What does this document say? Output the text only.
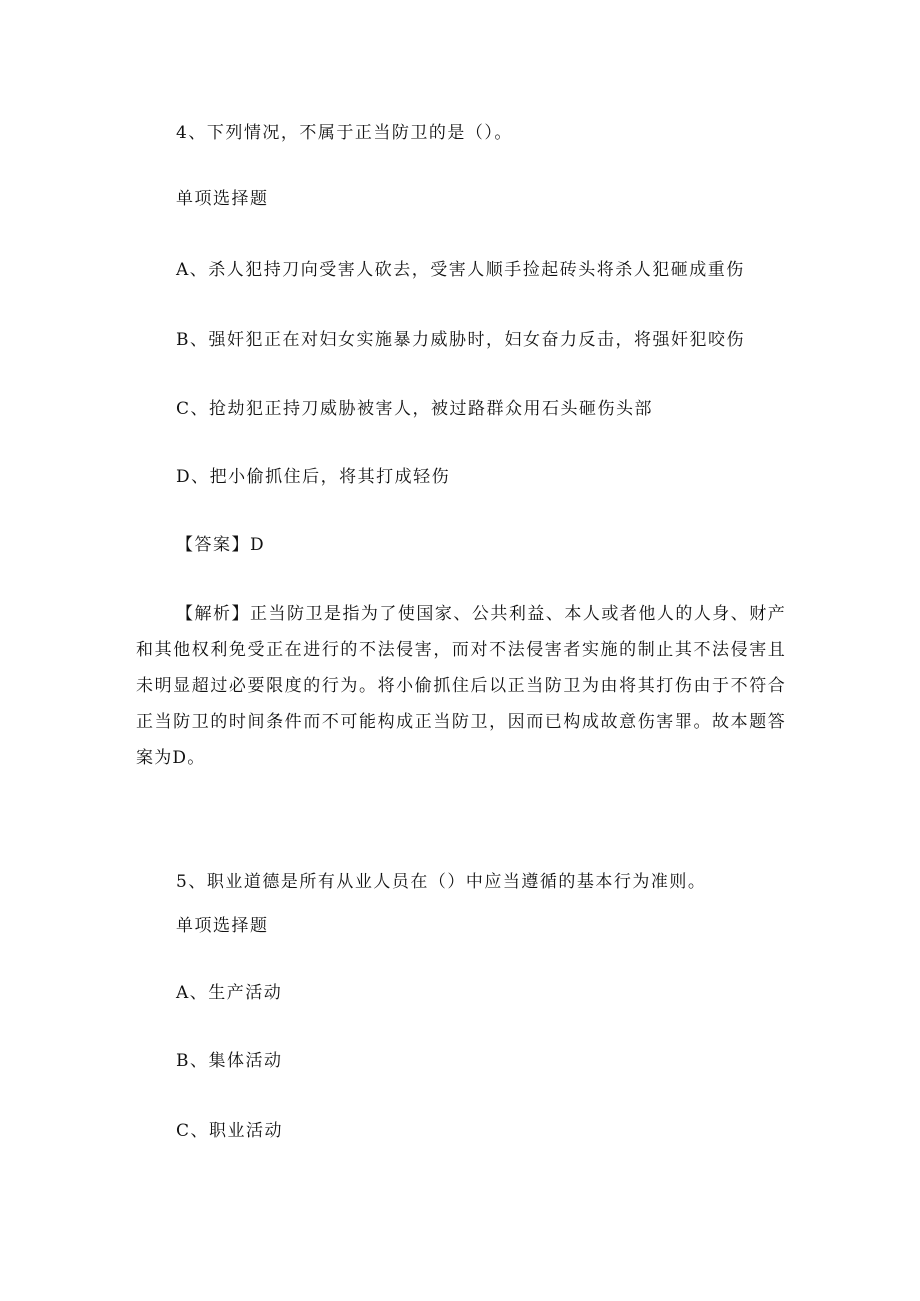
4、下列情况，不属于正当防卫的是（）。
单项选择题
A、杀人犯持刀向受害人砍去，受害人顺手捡起砖头将杀人犯砸成重伤
B、强奸犯正在对妇女实施暴力威胁时，妇女奋力反击，将强奸犯咬伤
C、抢劫犯正持刀威胁被害人，被过路群众用石头砸伤头部
D、把小偷抓住后，将其打成轻伤
【答案】D
【解析】正当防卫是指为了使国家、公共利益、本人或者他人的人身、财产和其他权利免受正在进行的不法侵害，而对不法侵害者实施的制止其不法侵害且未明显超过必要限度的行为。将小偷抓住后以正当防卫为由将其打伤由于不符合正当防卫的时间条件而不可能构成正当防卫，因而已构成故意伤害罪。故本题答案为D。
5、职业道德是所有从业人员在（）中应当遵循的基本行为准则。
单项选择题
A、生产活动
B、集体活动
C、职业活动
